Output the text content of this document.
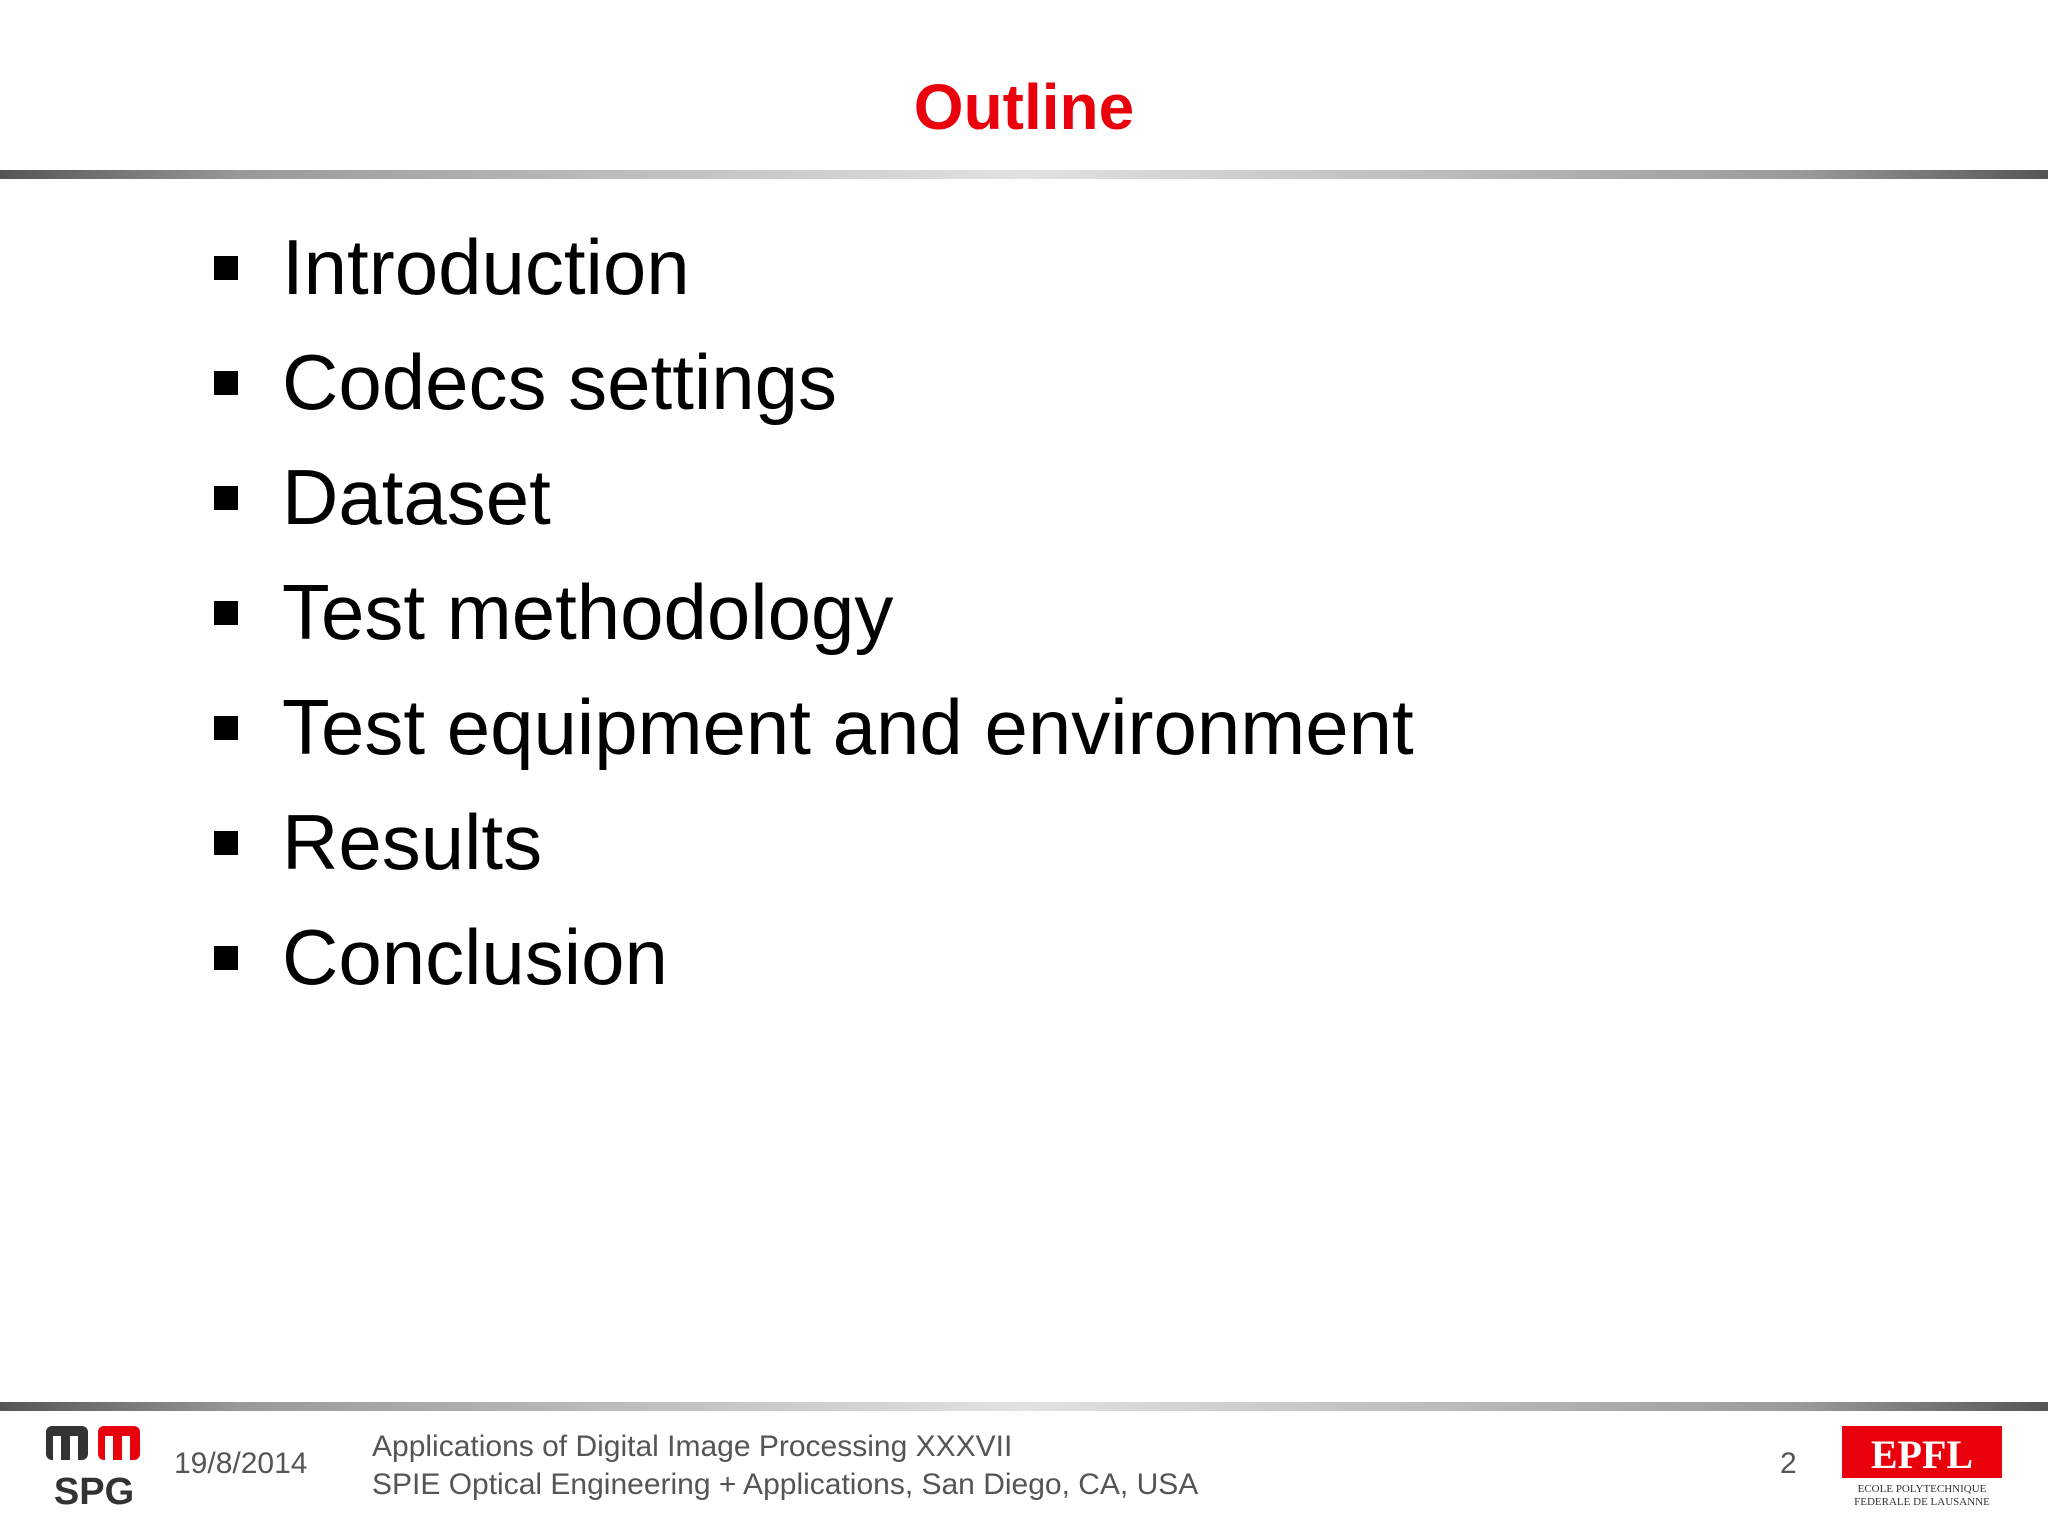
Outline
Introduction
Codecs settings
Dataset
Test methodology
Test equipment and environment
Results
Conclusion
SPG
19/8/2014
Applications of Digital Image Processing XXXVII
SPIE Optical Engineering + Applications, San Diego, CA, USA
2 EPFL
ECOLE POLYTECHNIQUE
FEDERALE DE LAUSANNE
